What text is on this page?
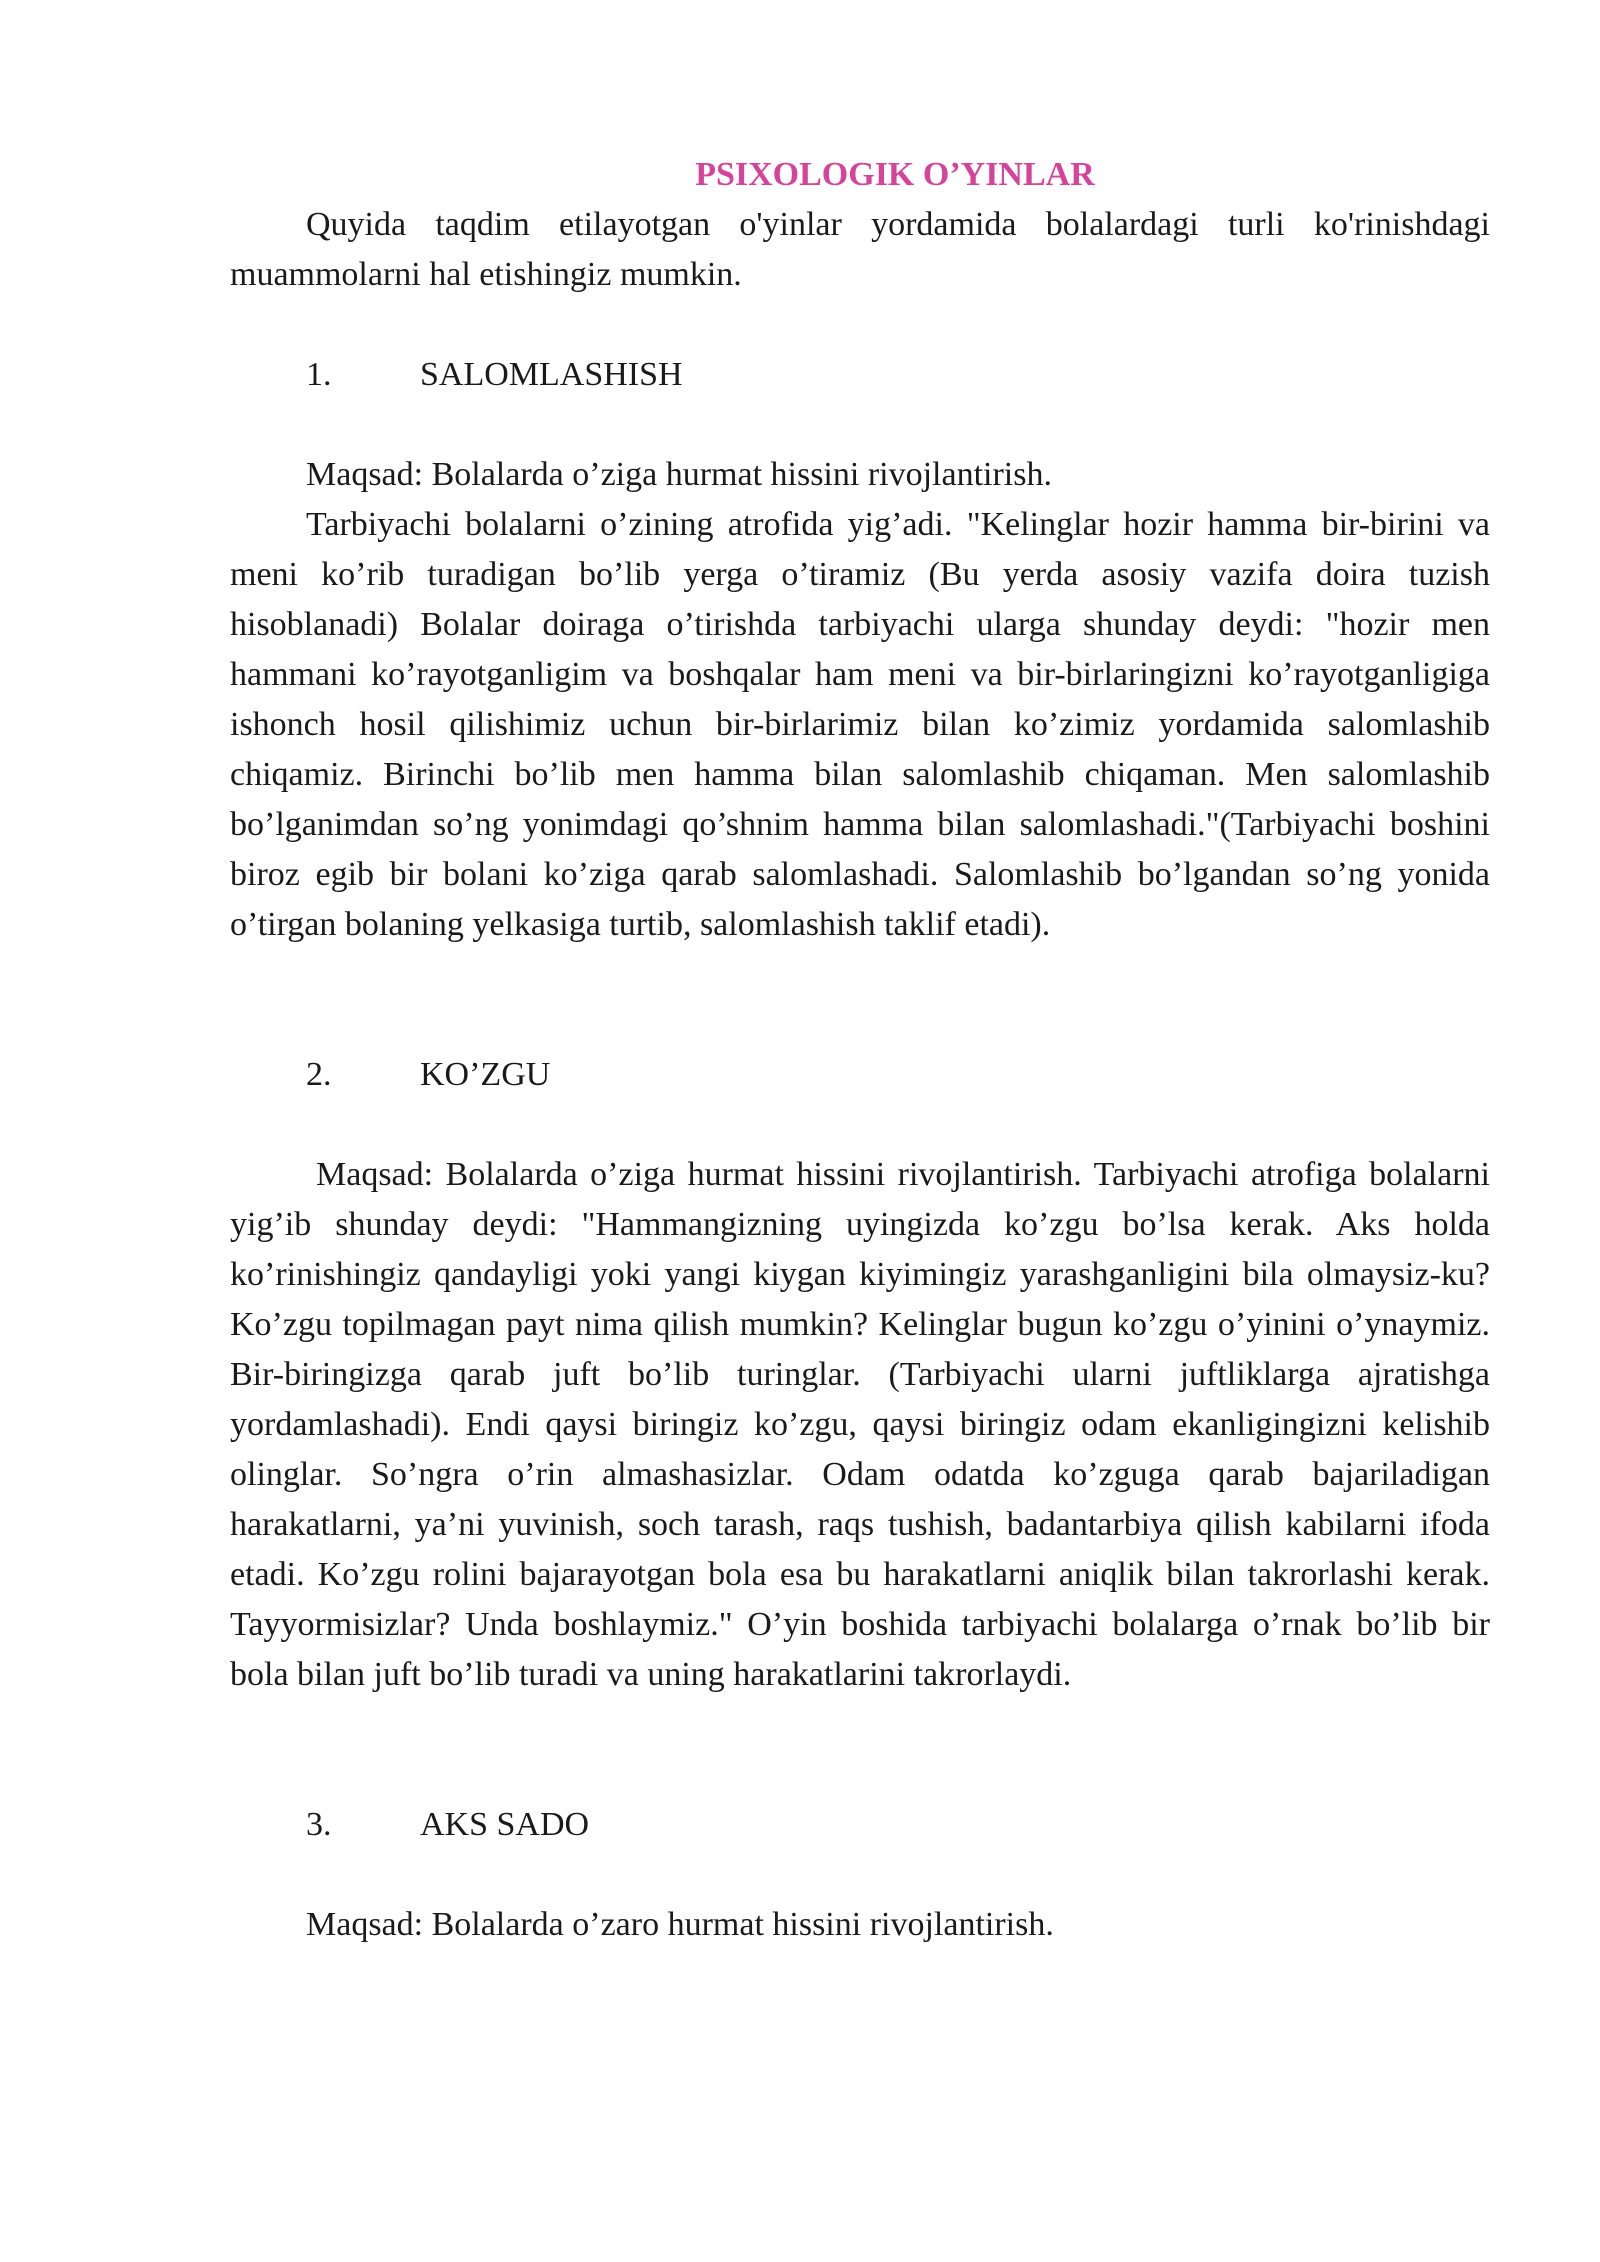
PSIXOLOGIK O’YINLAR

Quyida taqdim etilayotgan o'yinlar yordamida bolalardagi turli ko'rinishdagi muammolarni hal etishingiz mumkin.

1.	SALOMLASHISH

Maqsad: Bolalarda o’ziga hurmat hissini rivojlantirish.

Tarbiyachi bolalarni o’zining atrofida yig’adi. "Kelinglar hozir hamma bir-birini va meni ko’rib turadigan bo’lib yerga o’tiramiz (Bu yerda asosiy vazifa doira tuzish hisoblanadi) Bolalar doiraga o’tirishda tarbiyachi ularga shunday deydi: "hozir men hammani ko’rayotganligim va boshqalar ham meni va bir-birlaringizni ko’rayotganligiga ishonch hosil qilishimiz uchun bir-birlarimiz bilan ko’zimiz yordamida salomlashib chiqamiz. Birinchi bo’lib men hamma bilan salomlashib chiqaman. Men salomlashib bo’lganimdan so’ng yonimdagi qo’shnim hamma bilan salomlashadi."(Tarbiyachi boshini biroz egib bir bolani ko’ziga qarab salomlashadi. Salomlashib bo’lgandan so’ng yonida o’tirgan bolaning yelkasiga turtib, salomlashish taklif etadi).

2.	KO’ZGU

Maqsad: Bolalarda o’ziga hurmat hissini rivojlantirish. Tarbiyachi atrofiga bolalarni yig’ib shunday deydi: "Hammangizning uyingizda ko’zgu bo’lsa kerak. Aks holda ko’rinishingiz qandayligi yoki yangi kiygan kiyimingiz yarashganligini bila olmaysiz-ku? Ko’zgu topilmagan payt nima qilish mumkin? Kelinglar bugun ko’zgu o’yinini o’ynaymiz. Bir-biringizga qarab juft bo’lib turinglar. (Tarbiyachi ularni juftliklarga ajratishga yordamlashadi). Endi qaysi biringiz ko’zgu, qaysi biringiz odam ekanligingizni kelishib olinglar. So’ngra o’rin almashasizlar. Odam odatda ko’zguga qarab bajariladigan harakatlarni, ya’ni yuvinish, soch tarash, raqs tushish, badantarbiya qilish kabilarni ifoda etadi. Ko’zgu rolini bajarayotgan bola esa bu harakatlarni aniqlik bilan takrorlashi kerak. Tayyormisizlar? Unda boshlaymiz." O’yin boshida tarbiyachi bolalarga o’rnak bo’lib bir bola bilan juft bo’lib turadi va uning harakatlarini takrorlaydi.

3.	AKS SADO

Maqsad: Bolalarda o’zaro hurmat hissini rivojlantirish.
